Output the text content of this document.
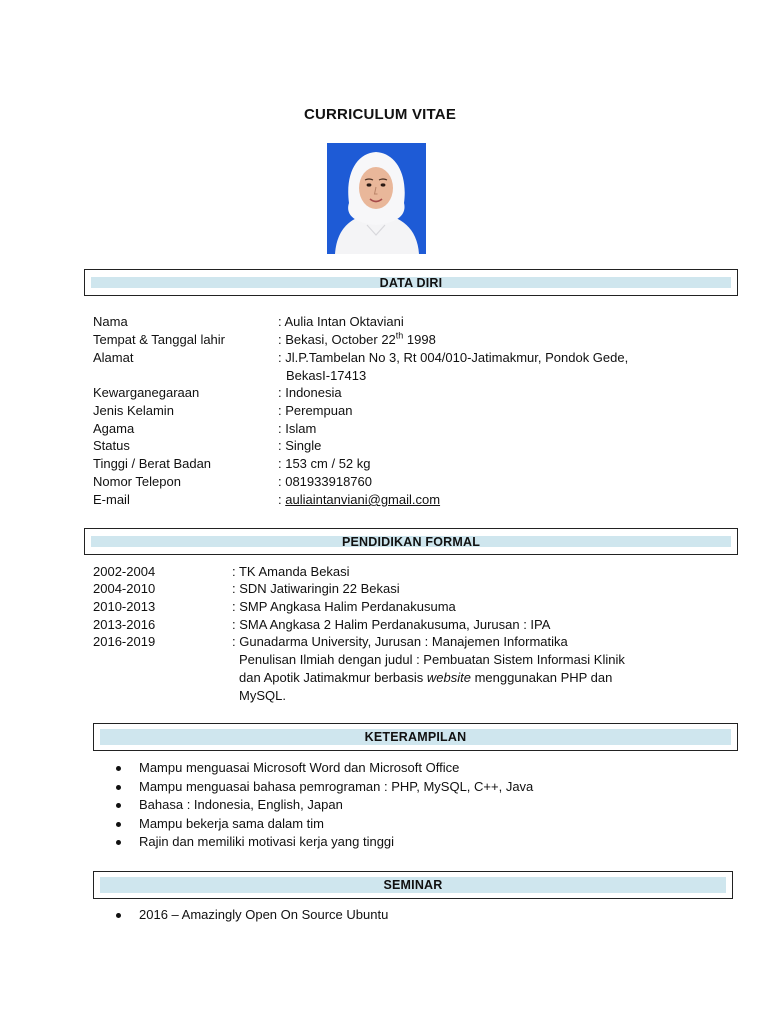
CURRICULUM VITAE
DATA DIRI
Nama	: Aulia Intan Oktaviani
Tempat & Tanggal lahir	: Bekasi, October 22th 1998
Alamat	: Jl.P.Tambelan No 3, Rt 004/010-Jatimakmur, Pondok Gede,
BekasI-17413
Kewarganegaraan	: Indonesia
Jenis Kelamin	: Perempuan
Agama	: Islam
Status	: Single
Tinggi / Berat Badan	: 153 cm / 52 kg
Nomor Telepon	: 081933918760
E-mail	: auliaintanviani@gmail.com
PENDIDIKAN FORMAL
2002-2004	: TK Amanda Bekasi
2004-2010	: SDN Jatiwaringin 22 Bekasi
2010-2013	: SMP Angkasa Halim Perdanakusuma
2013-2016	: SMA Angkasa 2 Halim Perdanakusuma, Jurusan : IPA
2016-2019	: Gunadarma University, Jurusan : Manajemen Informatika
Penulisan Ilmiah dengan judul : Pembuatan Sistem Informasi Klinik
dan Apotik Jatimakmur berbasis website menggunakan PHP dan
MySQL.
KETERAMPILAN
Mampu menguasai Microsoft Word dan Microsoft Office
Mampu menguasai bahasa pemrograman : PHP, MySQL, C++, Java
Bahasa : Indonesia, English, Japan
Mampu bekerja sama dalam tim
Rajin dan memiliki motivasi kerja yang tinggi
SEMINAR
2016 – Amazingly Open On Source Ubuntu
